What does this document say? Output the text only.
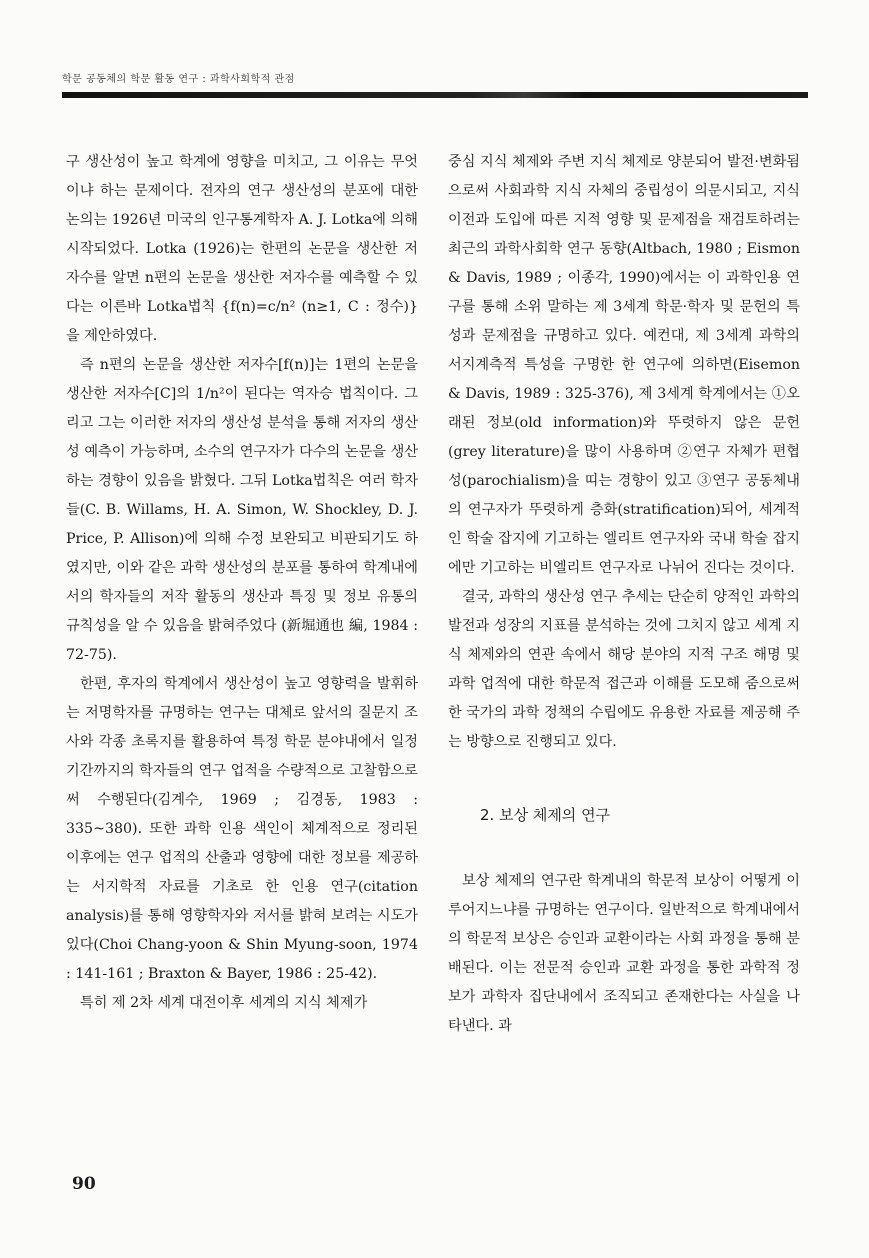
학문 공동체의 학문 활동 연구 : 과학사회학적 관점

구 생산성이 높고 학계에 영향을 미치고, 그 이유는 무엇이냐 하는 문제이다. 전자의 연구 생산성의 분포에 대한 논의는 1926년 미국의 인구통계학자 A. J. Lotka에 의해 시작되었다. Lotka (1926)는 한편의 논문을 생산한 저자수를 알면 n편의 논문을 생산한 저자수를 예측할 수 있다는 이른바 Lotka법칙 {f(n)=c/n² (n≥1, C : 정수)}을 제안하였다.

즉 n편의 논문을 생산한 저자수[f(n)]는 1편의 논문을 생산한 저자수[C]의 1/n²이 된다는 역자승 법칙이다. 그리고 그는 이러한 저자의 생산성 분석을 통해 저자의 생산성 예측이 가능하며, 소수의 연구자가 다수의 논문을 생산하는 경향이 있음을 밝혔다. 그뒤 Lotka법칙은 여러 학자들(C. B. Willams, H. A. Simon, W. Shockley, D. J. Price, P. Allison)에 의해 수정 보완되고 비판되기도 하였지만, 이와 같은 과학 생산성의 분포를 통하여 학계내에서의 학자들의 저작 활동의 생산과 특징 및 정보 유통의 규칙성을 알 수 있음을 밝혀주었다 (新堀通也 編, 1984 : 72-75).

한편, 후자의 학계에서 생산성이 높고 영향력을 발휘하는 저명학자를 규명하는 연구는 대체로 앞서의 질문지 조사와 각종 초록지를 활용하여 특정 학문 분야내에서 일정 기간까지의 학자들의 연구 업적을 수량적으로 고찰함으로써 수행된다(김계수, 1969 ; 김경동, 1983 : 335~380). 또한 과학 인용 색인이 체계적으로 정리된 이후에는 연구 업적의 산출과 영향에 대한 정보를 제공하는 서지학적 자료를 기초로 한 인용 연구(citation analysis)를 통해 영향학자와 저서를 밝혀 보려는 시도가 있다(Choi Chang-yoon & Shin Myung-soon, 1974 : 141-161 ; Braxton & Bayer, 1986 : 25-42).

특히 제 2차 세계 대전이후 세계의 지식 체제가

중심 지식 체제와 주변 지식 체제로 양분되어 발전·변화됨으로써 사회과학 지식 자체의 중립성이 의문시되고, 지식 이전과 도입에 따른 지적 영향 및 문제점을 재검토하려는 최근의 과학사회학 연구 동향(Altbach, 1980 ; Eismon & Davis, 1989 ; 이종각, 1990)에서는 이 과학인용 연구를 통해 소위 말하는 제 3세계 학문·학자 및 문헌의 특성과 문제점을 규명하고 있다. 예컨대, 제 3세계 과학의 서지계측적 특성을 구명한 한 연구에 의하면(Eisemon & Davis, 1989 : 325-376), 제 3세계 학계에서는 ①오래된 정보(old information)와 뚜렷하지 않은 문헌(grey literature)을 많이 사용하며 ②연구 자체가 편협성(parochialism)을 띠는 경향이 있고 ③연구 공동체내의 연구자가 뚜렷하게 층화(stratification)되어, 세계적인 학술 잡지에 기고하는 엘리트 연구자와 국내 학술 잡지에만 기고하는 비엘리트 연구자로 나뉘어 진다는 것이다.

결국, 과학의 생산성 연구 추세는 단순히 양적인 과학의 발전과 성장의 지표를 분석하는 것에 그치지 않고 세계 지식 체제와의 연관 속에서 해당 분야의 지적 구조 해명 및 과학 업적에 대한 학문적 접근과 이해를 도모해 줌으로써 한 국가의 과학 정책의 수립에도 유용한 자료를 제공해 주는 방향으로 진행되고 있다.

2. 보상 체제의 연구

보상 체제의 연구란 학계내의 학문적 보상이 어떻게 이루어지느냐를 규명하는 연구이다. 일반적으로 학계내에서의 학문적 보상은 승인과 교환이라는 사회 과정을 통해 분배된다. 이는 전문적 승인과 교환 과정을 통한 과학적 정보가 과학자 집단내에서 조직되고 존재한다는 사실을 나타낸다. 과

90
